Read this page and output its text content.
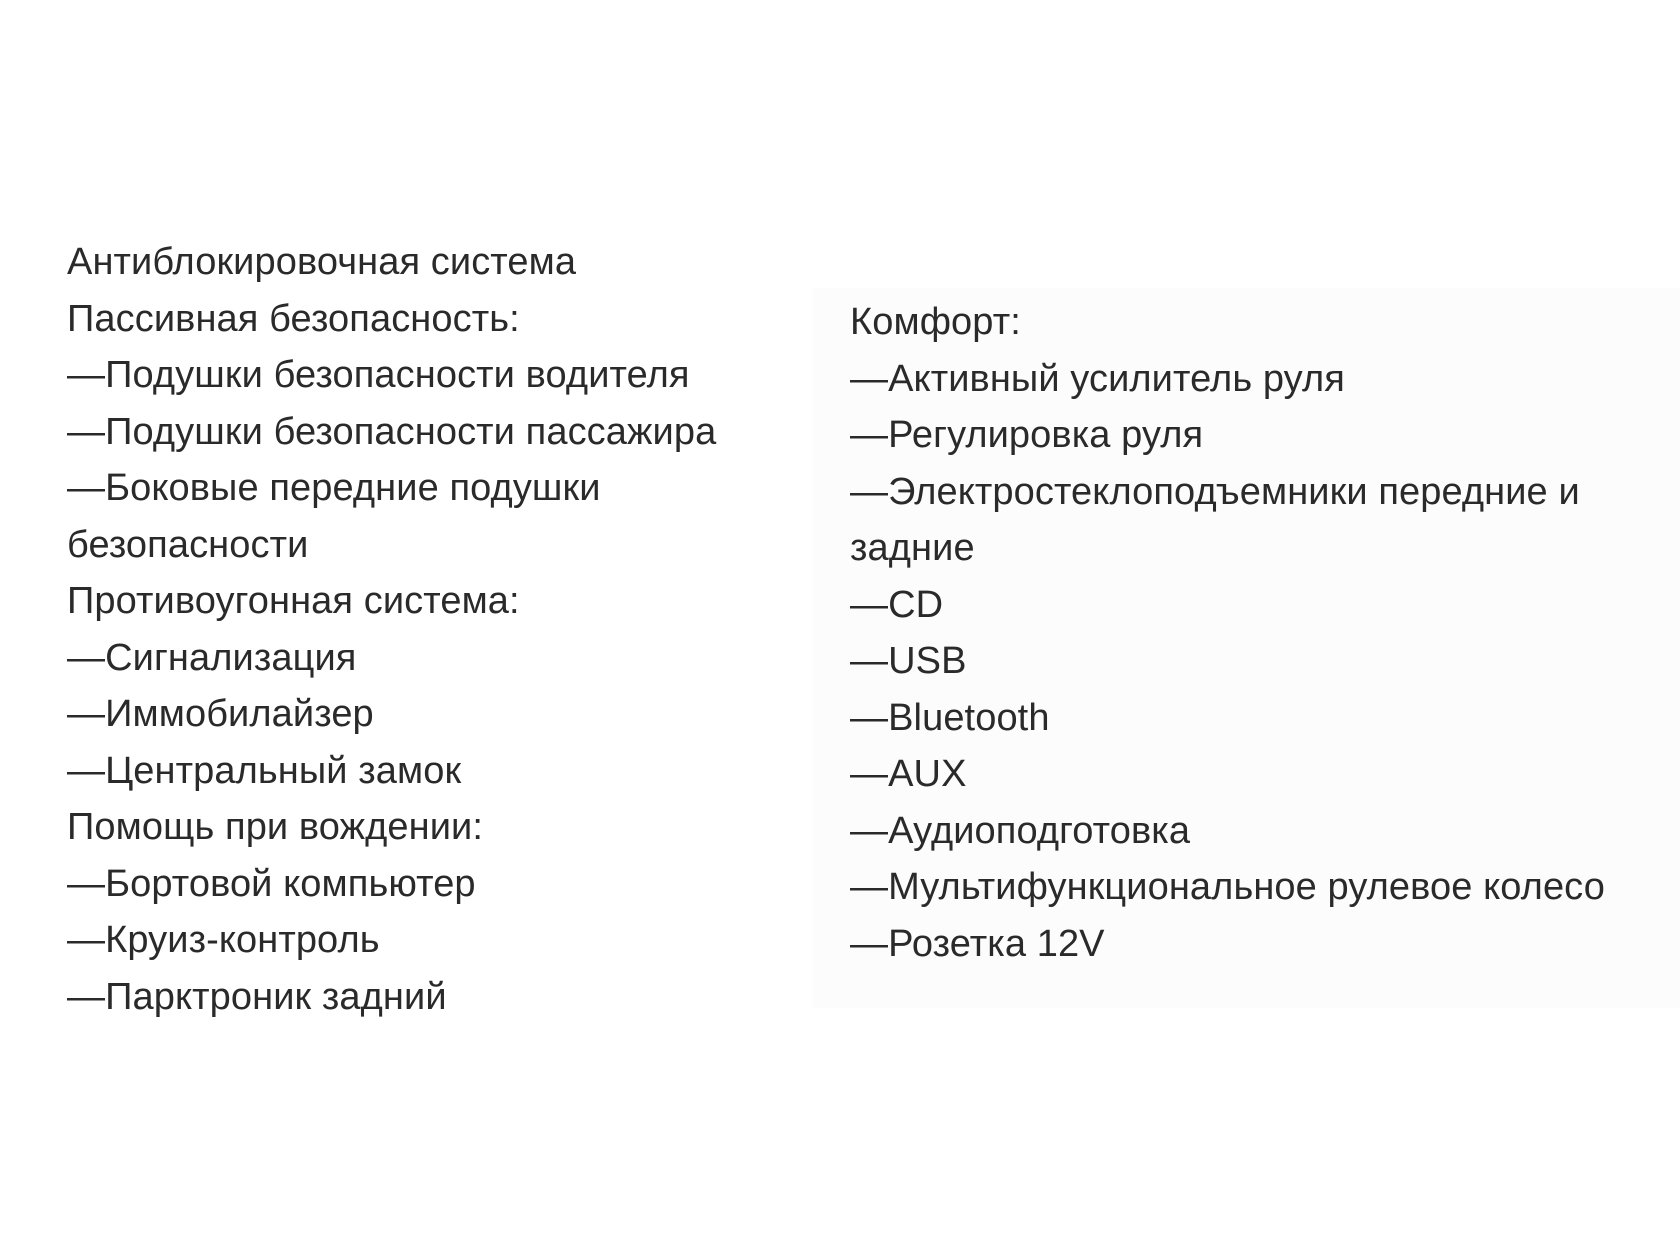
Антиблокировочная система
Пассивная безопасность:
—Подушки безопасности водителя
—Подушки безопасности пассажира
—Боковые передние подушки
безопасности
Противоугонная система:
—Сигнализация
—Иммобилайзер
—Центральный замок
Помощь при вождении:
—Бортовой компьютер
—Круиз-контроль
—Парктроник задний
Комфорт:
—Активный усилитель руля
—Регулировка руля
—Электростеклоподъемники передние и
задние
—CD
—USB
—Bluetooth
—AUX
—Аудиоподготовка
—Мультифункциональное рулевое колесо
—Розетка 12V
